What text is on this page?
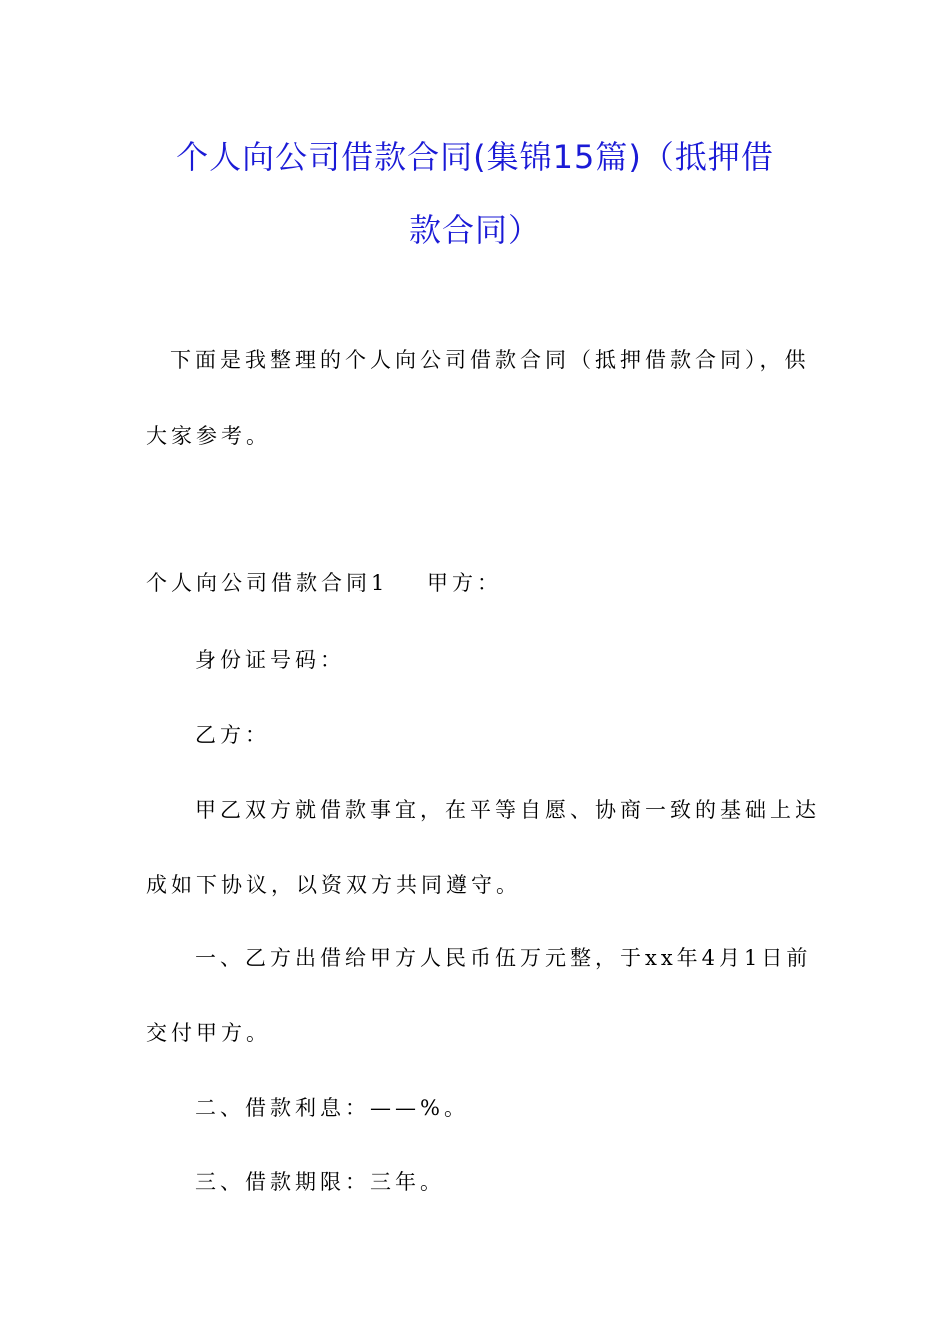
个人向公司借款合同(集锦15篇)（抵押借
款合同）
下面是我整理的个人向公司借款合同（抵押借款合同），供
大家参考。
个人向公司借款合同1 甲方：
身份证号码：
乙方：
甲乙双方就借款事宜，在平等自愿、协商一致的基础上达
成如下协议，以资双方共同遵守。
一、乙方出借给甲方人民币伍万元整，于xx年4月1日前
交付甲方。
二、借款利息：——%。
三、借款期限：三年。
